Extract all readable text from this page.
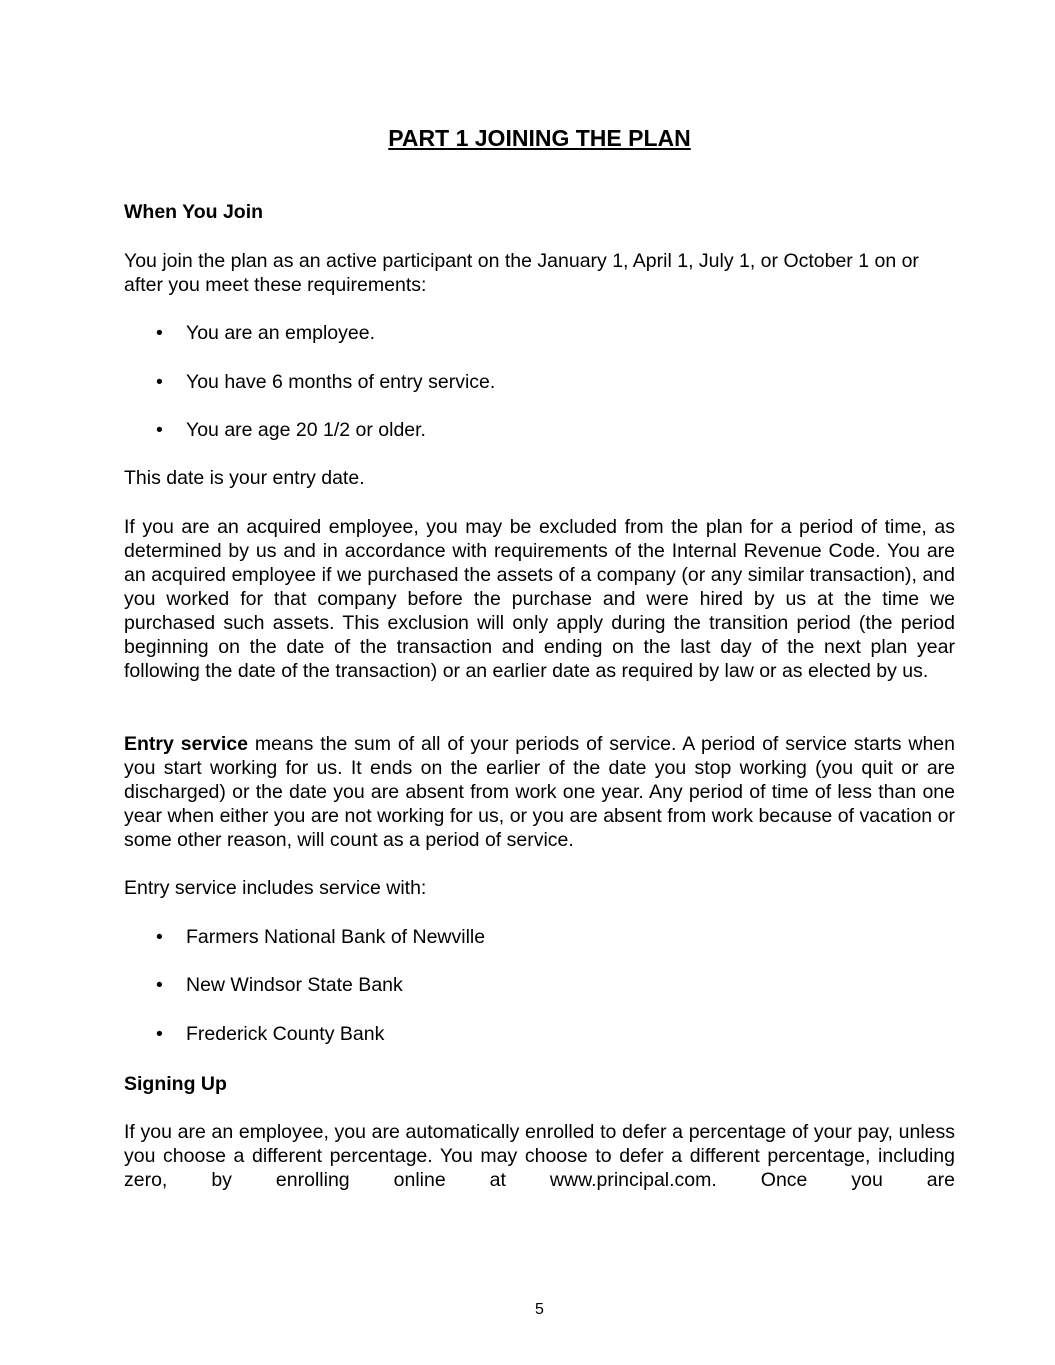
PART 1 JOINING THE PLAN

When You Join

You join the plan as an active participant on the January 1, April 1, July 1, or October 1 on or after you meet these requirements:

•	You are an employee.
•	You have 6 months of entry service.
•	You are age 20 1/2 or older.

This date is your entry date.

If you are an acquired employee, you may be excluded from the plan for a period of time, as determined by us and in accordance with requirements of the Internal Revenue Code. You are an acquired employee if we purchased the assets of a company (or any similar transaction), and you worked for that company before the purchase and were hired by us at the time we purchased such assets. This exclusion will only apply during the transition period (the period beginning on the date of the transaction and ending on the last day of the next plan year following the date of the transaction) or an earlier date as required by law or as elected by us.

Entry service means the sum of all of your periods of service. A period of service starts when you start working for us. It ends on the earlier of the date you stop working (you quit or are discharged) or the date you are absent from work one year. Any period of time of less than one year when either you are not working for us, or you are absent from work because of vacation or some other reason, will count as a period of service.

Entry service includes service with:

•	Farmers National Bank of Newville
•	New Windsor State Bank
•	Frederick County Bank

Signing Up

If you are an employee, you are automatically enrolled to defer a percentage of your pay, unless you choose a different percentage. You may choose to defer a different percentage, including zero, by enrolling online at www.principal.com. Once you are

5
